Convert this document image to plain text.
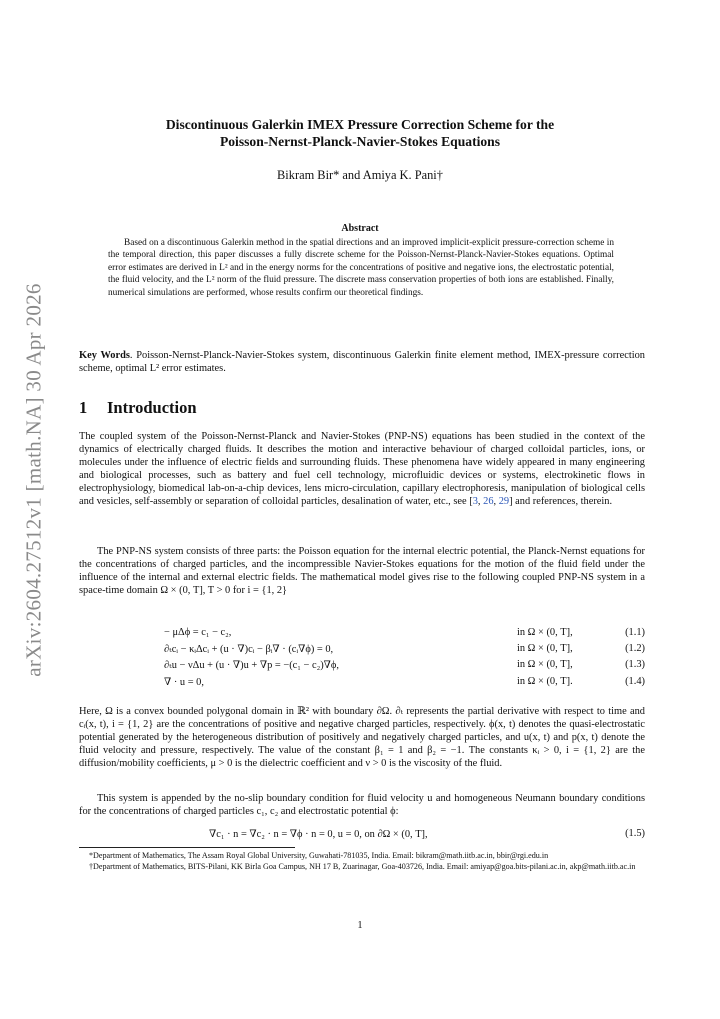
arXiv:2604.27512v1 [math.NA] 30 Apr 2026
Discontinuous Galerkin IMEX Pressure Correction Scheme for the
Poisson-Nernst-Planck-Navier-Stokes Equations
Bikram Bir* and Amiya K. Pani†
Abstract

Based on a discontinuous Galerkin method in the spatial directions and an improved implicit-explicit pressure-correction scheme in the temporal direction, this paper discusses a fully discrete scheme for the Poisson-Nernst-Planck-Navier-Stokes equations. Optimal error estimates are derived in L² and in the energy norms for the concentrations of positive and negative ions, the electrostatic potential, the fluid velocity, and the L² norm of the fluid pressure. The discrete mass conservation properties of both ions are established. Finally, numerical simulations are performed, whose results confirm our theoretical findings.

Key Words. Poisson-Nernst-Planck-Navier-Stokes system, discontinuous Galerkin finite element method, IMEX-pressure correction scheme, optimal L² error estimates.

1 Introduction

The coupled system of the Poisson-Nernst-Planck and Navier-Stokes (PNP-NS) equations has been studied in the context of the dynamics of electrically charged fluids. It describes the motion and interactive behaviour of charged colloidal particles, ions, or molecules under the influence of electric fields and surrounding fluids. These phenomena have widely appeared in many engineering and biological processes, such as battery and fuel cell technology, microfluidic devices or systems, electrokinetic flows in electrophysiology, biomedical lab-on-a-chip devices, lens micro-circulation, capillary electrophoresis, manipulation of biological cells and vesicles, self-assembly or separation of colloidal particles, desalination of water, etc., see [3, 26, 29] and references, therein.

The PNP-NS system consists of three parts: the Poisson equation for the internal electric potential, the Planck-Nernst equations for the concentrations of charged particles, and the incompressible Navier-Stokes equations for the motion of the fluid field under the influence of the internal and external electric fields. The mathematical model gives rise to the following coupled PNP-NS system in a space-time domain Ω × (0, T], T > 0 for i = {1, 2}

− μΔϕ = c₁ − c₂,	in Ω × (0, T],	(1.1)
∂ₜcᵢ − κᵢΔcᵢ + (u · ∇)cᵢ − βᵢ∇ · (cᵢ∇ϕ) = 0,	in Ω × (0, T],	(1.2)
∂ₜu − νΔu + (u · ∇)u + ∇p = −(c₁ − c₂)∇ϕ,	in Ω × (0, T],	(1.3)
∇ · u = 0,	in Ω × (0, T].	(1.4)

Here, Ω is a convex bounded polygonal domain in ℝ² with boundary ∂Ω. ∂ₜ represents the partial derivative with respect to time and cᵢ(x, t), i = {1, 2} are the concentrations of positive and negative charged particles, respectively. ϕ(x, t) denotes the quasi-electrostatic potential generated by the heterogeneous distribution of positively and negatively charged particles, and u(x, t) and p(x, t) denote the fluid velocity and pressure, respectively. The value of the constant β₁ = 1 and β₂ = −1. The constants κᵢ > 0, i = {1, 2} are the diffusion/mobility coefficients, μ > 0 is the dielectric coefficient and ν > 0 is the viscosity of the fluid.

This system is appended by the no-slip boundary condition for fluid velocity u and homogeneous Neumann boundary conditions for the concentrations of charged particles c₁, c₂ and electrostatic potential ϕ:

∇c₁ · n = ∇c₂ · n = ∇ϕ · n = 0, u = 0, on ∂Ω × (0, T],	(1.5)

*Department of Mathematics, The Assam Royal Global University, Guwahati-781035, India. Email: bikram@math.iitb.ac.in, bbir@rgi.edu.in

†Department of Mathematics, BITS-Pilani, KK Birla Goa Campus, NH 17 B, Zuarinagar, Goa-403726, India. Email: amiyap@goa.bits-pilani.ac.in, akp@math.iitb.ac.in

1
